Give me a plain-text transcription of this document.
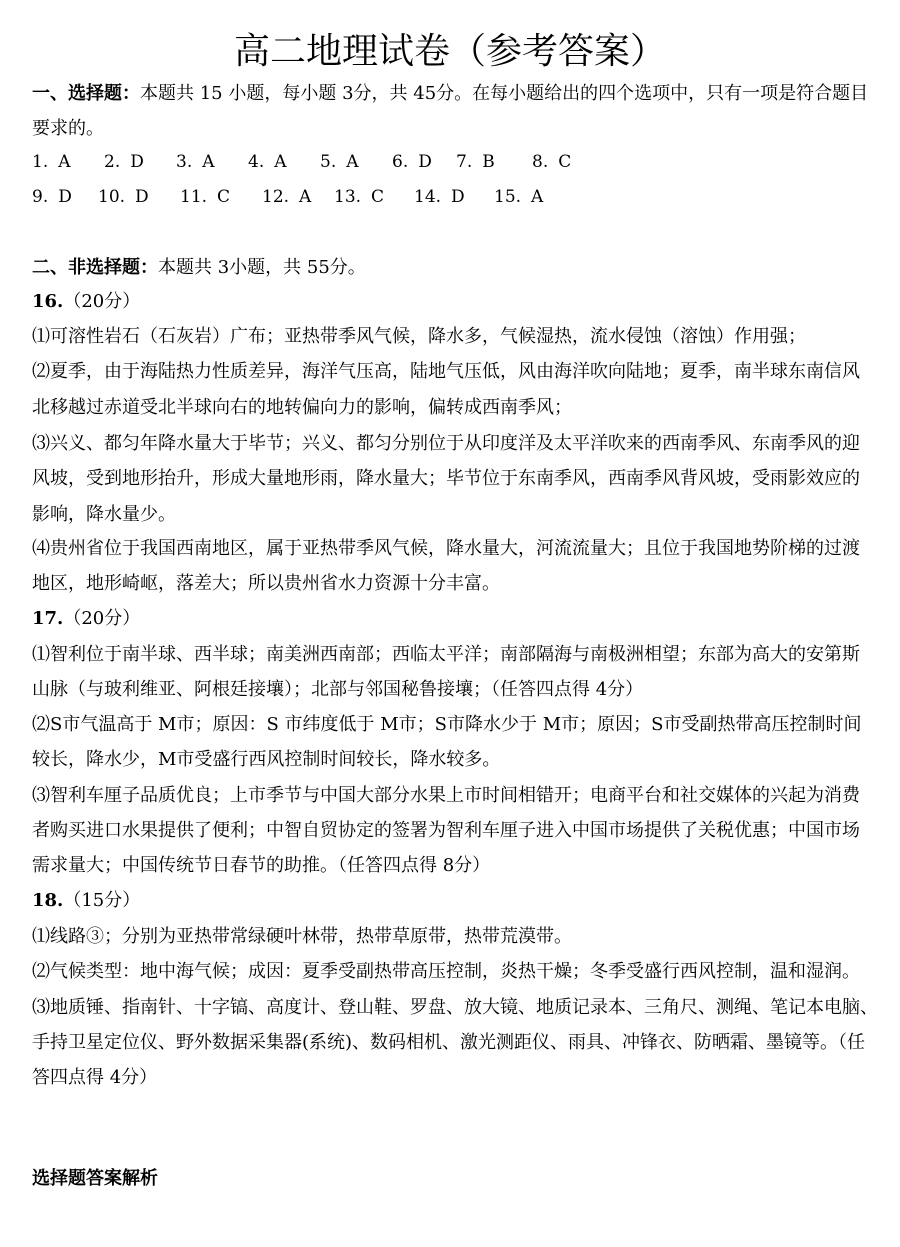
高二地理试卷（参考答案）
一、选择题：本题共 15 小题，每小题 3分，共 45分。在每小题给出的四个选项中，只有一项是符合题目
要求的。
1. A 2. D 3. A 4. A 5. A 6. D 7. B 8. C
9. D 10. D 11. C 12. A 13. C 14. D 15. A
二、非选择题：本题共 3小题，共 55分。
16.（20分）
⑴可溶性岩石（石灰岩）广布；亚热带季风气候，降水多，气候湿热，流水侵蚀（溶蚀）作用强；
⑵夏季，由于海陆热力性质差异，海洋气压高，陆地气压低，风由海洋吹向陆地；夏季，南半球东南信风
北移越过赤道受北半球向右的地转偏向力的影响，偏转成西南季风；
⑶兴义、都匀年降水量大于毕节；兴义、都匀分别位于从印度洋及太平洋吹来的西南季风、东南季风的迎
风坡，受到地形抬升，形成大量地形雨，降水量大；毕节位于东南季风，西南季风背风坡，受雨影效应的
影响，降水量少。
⑷贵州省位于我国西南地区，属于亚热带季风气候，降水量大，河流流量大；且位于我国地势阶梯的过渡
地区，地形崎岖，落差大；所以贵州省水力资源十分丰富。
17.（20分）
⑴智利位于南半球、西半球；南美洲西南部；西临太平洋；南部隔海与南极洲相望；东部为高大的安第斯
山脉（与玻利维亚、阿根廷接壤）；北部与邻国秘鲁接壤；（任答四点得 4分）
⑵S市气温高于 M市；原因：S 市纬度低于 M市；S市降水少于 M市；原因；S市受副热带高压控制时间
较长，降水少，M市受盛行西风控制时间较长，降水较多。
⑶智利车厘子品质优良；上市季节与中国大部分水果上市时间相错开；电商平台和社交媒体的兴起为消费
者购买进口水果提供了便利；中智自贸协定的签署为智利车厘子进入中国市场提供了关税优惠；中国市场
需求量大；中国传统节日春节的助推。（任答四点得 8分）
18.（15分）
⑴线路③；分别为亚热带常绿硬叶林带，热带草原带，热带荒漠带。
⑵气候类型：地中海气候；成因：夏季受副热带高压控制，炎热干燥；冬季受盛行西风控制，温和湿润。
⑶地质锤、指南针、十字镐、高度计、登山鞋、罗盘、放大镜、地质记录本、三角尺、测绳、笔记本电脑、
手持卫星定位仪、野外数据采集器(系统)、数码相机、激光测距仪、雨具、冲锋衣、防晒霜、墨镜等。（任
答四点得 4分）
选择题答案解析
